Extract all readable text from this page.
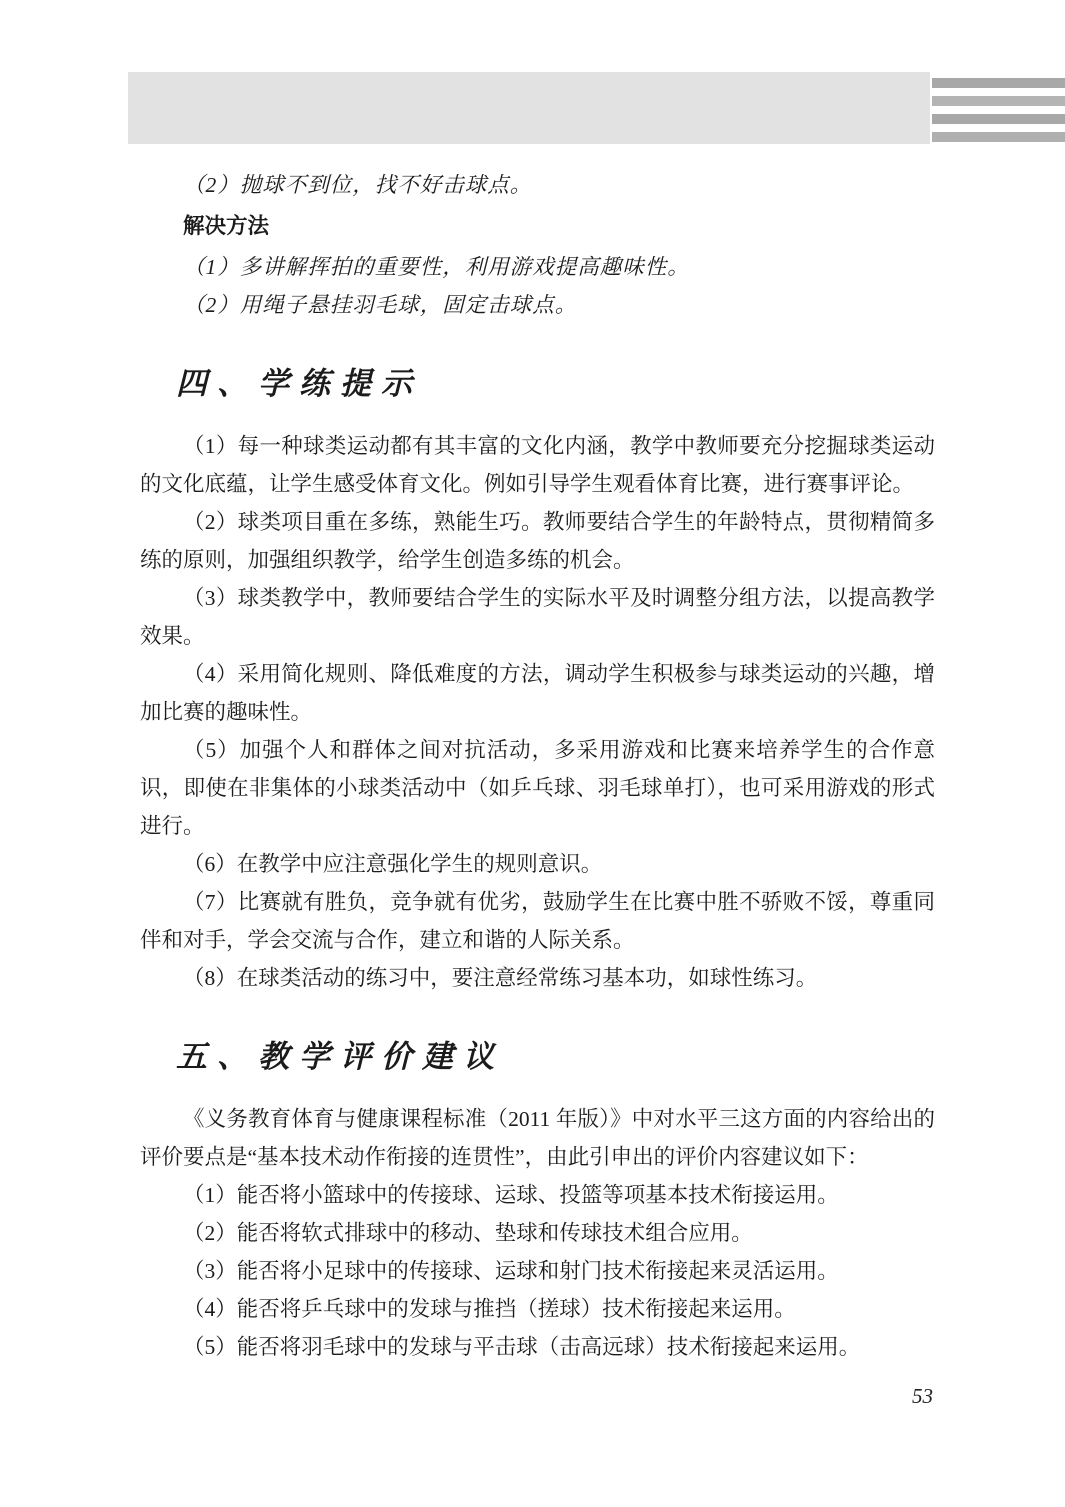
（2）抛球不到位，找不好击球点。

解决方法

（1）多讲解挥拍的重要性，利用游戏提高趣味性。

（2）用绳子悬挂羽毛球，固定击球点。

四、学练提示

（1）每一种球类运动都有其丰富的文化内涵，教学中教师要充分挖掘球类运动的文化底蕴，让学生感受体育文化。例如引导学生观看体育比赛，进行赛事评论。

（2）球类项目重在多练，熟能生巧。教师要结合学生的年龄特点，贯彻精简多练的原则，加强组织教学，给学生创造多练的机会。

（3）球类教学中，教师要结合学生的实际水平及时调整分组方法，以提高教学效果。

（4）采用简化规则、降低难度的方法，调动学生积极参与球类运动的兴趣，增加比赛的趣味性。

（5）加强个人和群体之间对抗活动，多采用游戏和比赛来培养学生的合作意识，即使在非集体的小球类活动中（如乒乓球、羽毛球单打），也可采用游戏的形式进行。

（6）在教学中应注意强化学生的规则意识。

（7）比赛就有胜负，竞争就有优劣，鼓励学生在比赛中胜不骄败不馁，尊重同伴和对手，学会交流与合作，建立和谐的人际关系。

（8）在球类活动的练习中，要注意经常练习基本功，如球性练习。

五、教学评价建议

《义务教育体育与健康课程标准（2011 年版）》中对水平三这方面的内容给出的评价要点是“基本技术动作衔接的连贯性”，由此引申出的评价内容建议如下：

（1）能否将小篮球中的传接球、运球、投篮等项基本技术衔接运用。

（2）能否将软式排球中的移动、垫球和传球技术组合应用。

（3）能否将小足球中的传接球、运球和射门技术衔接起来灵活运用。

（4）能否将乒乓球中的发球与推挡（搓球）技术衔接起来运用。

（5）能否将羽毛球中的发球与平击球（击高远球）技术衔接起来运用。

53
